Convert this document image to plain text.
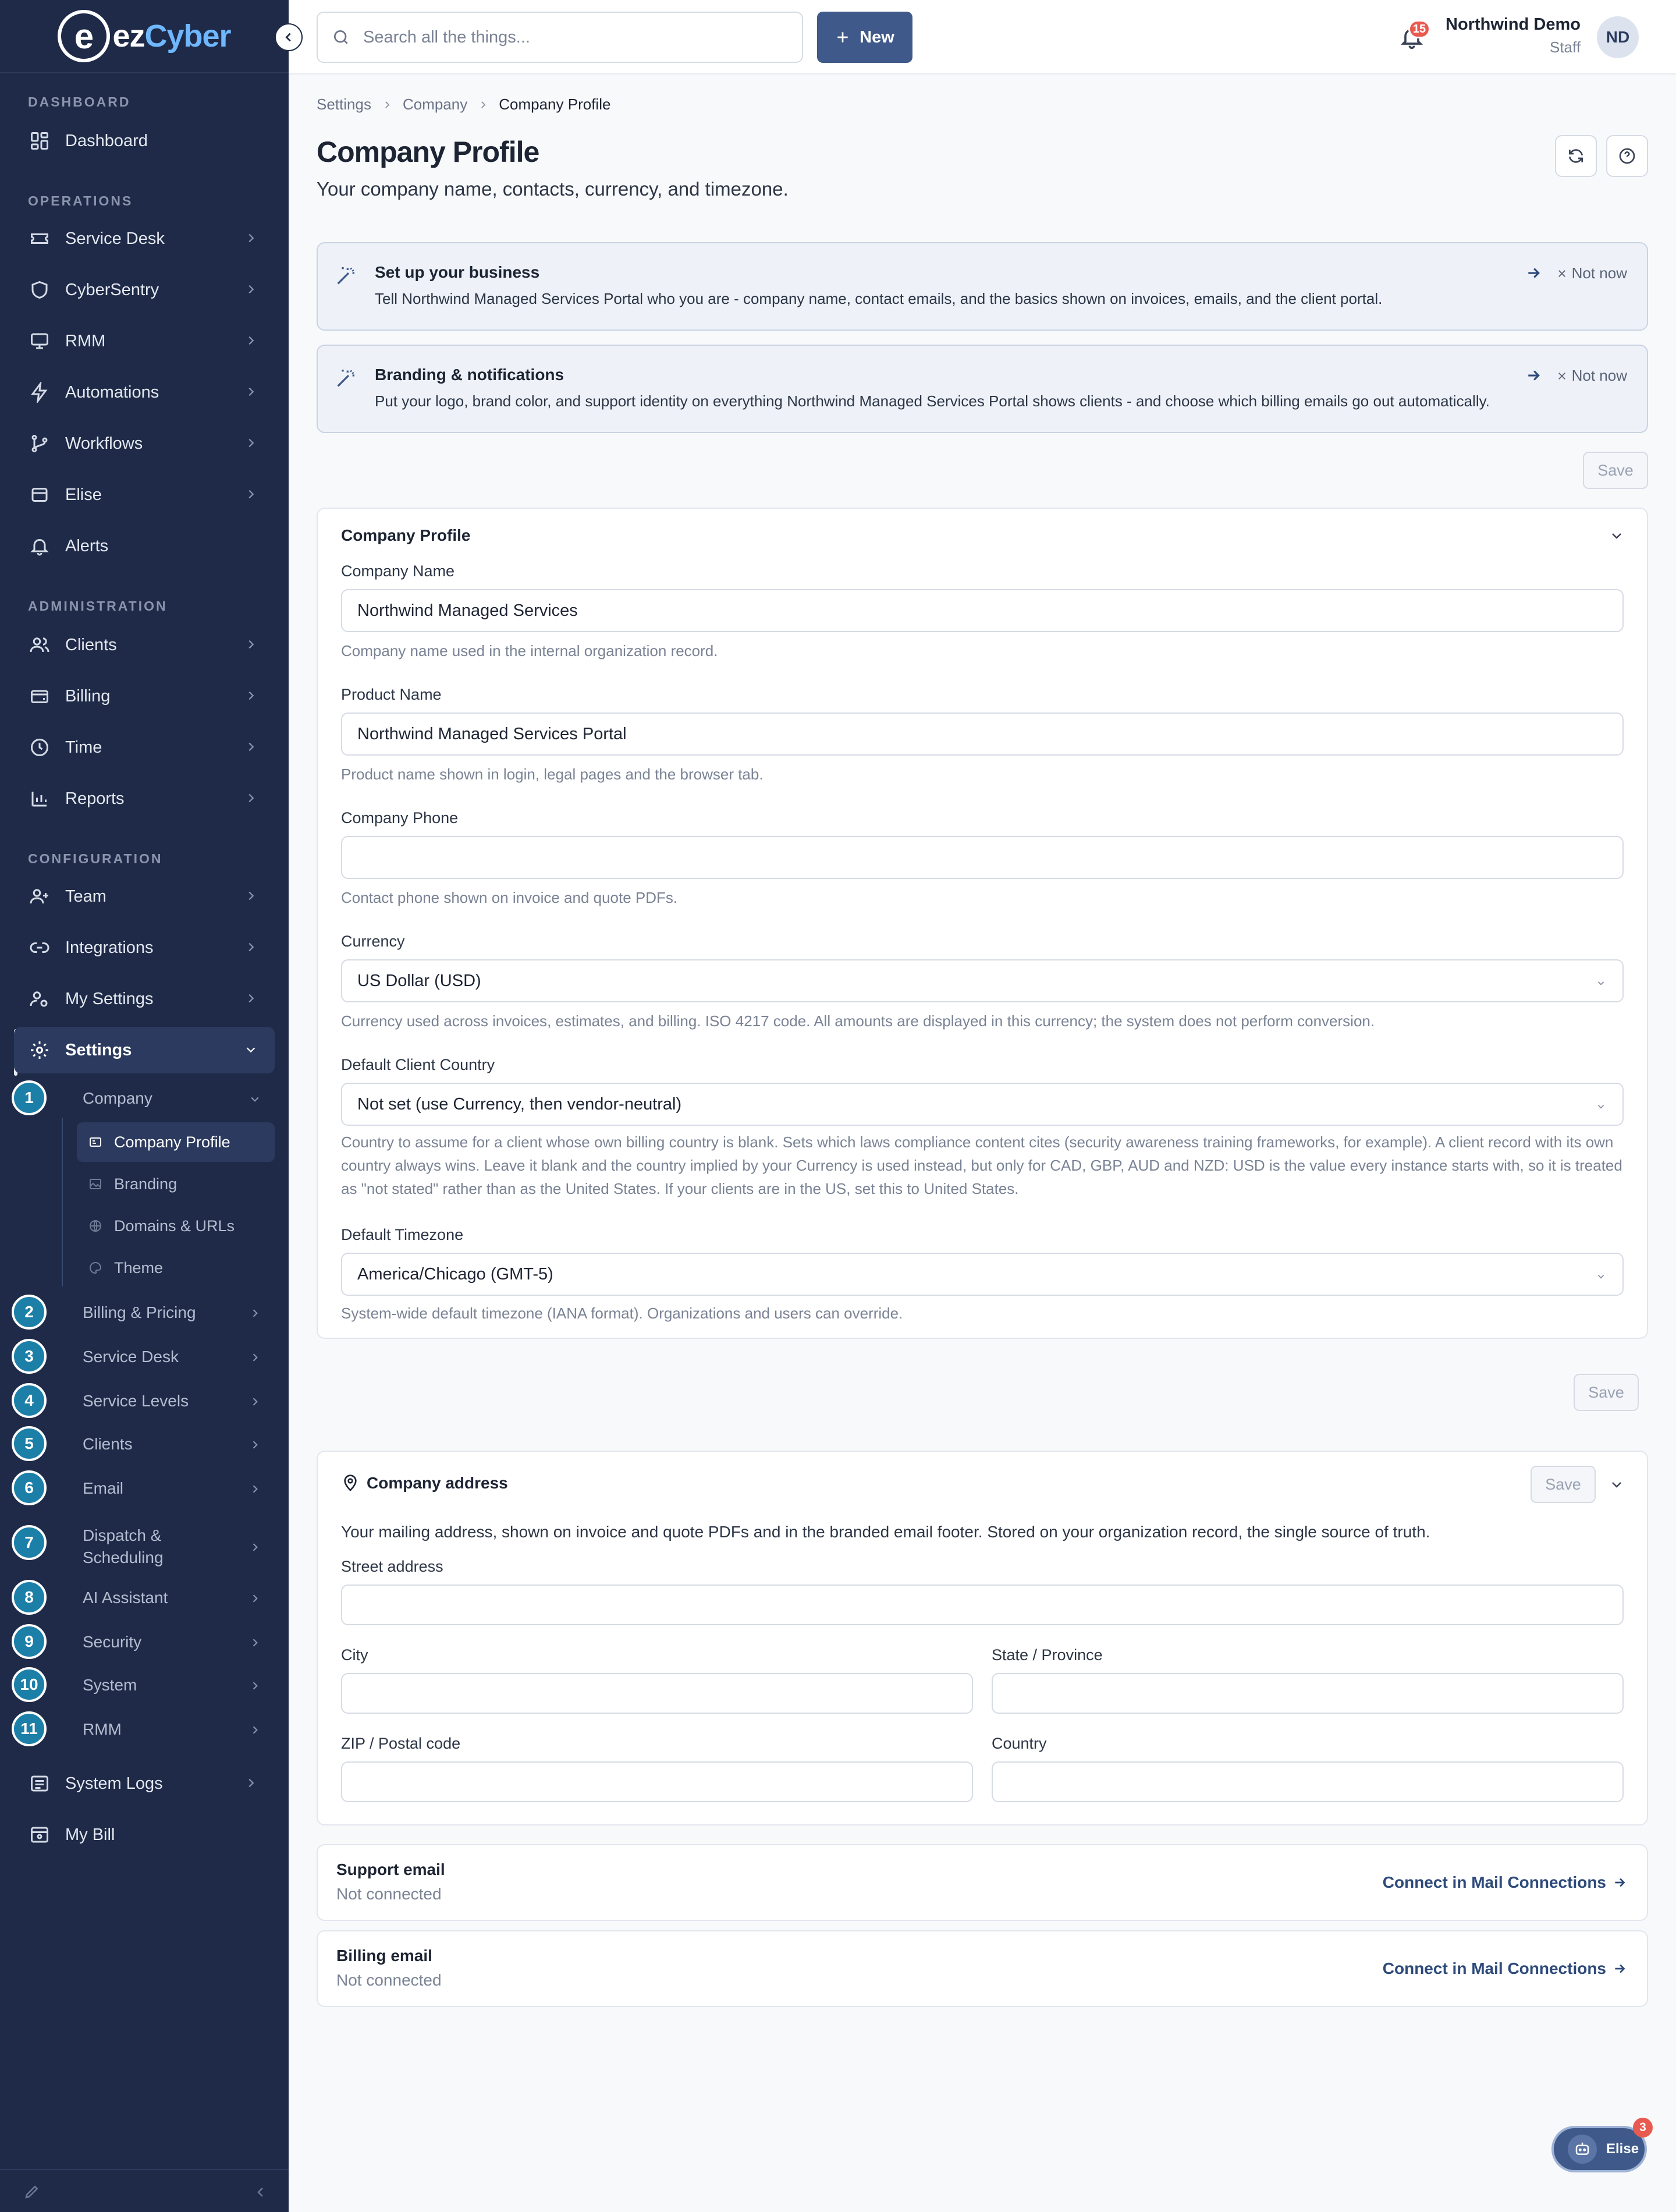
e ezCyber
DASHBOARD
Dashboard
OPERATIONS
Service Desk
CyberSentry
RMM
Automations
Workflows
Elise
Alerts
ADMINISTRATION
Clients
Billing
Time
Reports
CONFIGURATION
Team
Integrations
My Settings
Settings
1	Company
Company Profile
Branding
Domains & URLs
Theme
2	Billing & Pricing
3	Service Desk
4	Service Levels
5	Clients
6	Email
7	Dispatch & Scheduling
8	AI Assistant
9	Security
10	System
11	RMM
System Logs
My Bill
Search all the things...	New	15 Northwind Demo
Staff
ND
Settings Company Company Profile
Company Profile
Your company name, contacts, currency, and timezone.
Set up your business
Tell Northwind Managed Services Portal who you are - company name, contact emails, and the basics shown on invoices, emails, and the client portal.
Not now
Branding & notifications
Put your logo, brand color, and support identity on everything Northwind Managed Services Portal shows clients - and choose which billing emails go out automatically.
Not now
Save
Company Profile
Company Name
Northwind Managed Services
Company name used in the internal organization record.
Product Name
Northwind Managed Services Portal
Product name shown in login, legal pages and the browser tab.
Company Phone
Contact phone shown on invoice and quote PDFs.
Currency
US Dollar (USD)
Currency used across invoices, estimates, and billing. ISO 4217 code. All amounts are displayed in this currency; the system does not perform conversion.
Default Client Country
Not set (use Currency, then vendor-neutral)
Country to assume for a client whose own billing country is blank. Sets which laws compliance content cites (security awareness training frameworks, for example). A client record with its own country always wins. Leave it blank and the country implied by your Currency is used instead, but only for CAD, GBP, AUD and NZD: USD is the value every instance starts with, so it is treated as "not stated" rather than as the United States. If your clients are in the US, set this to United States.
Default Timezone
America/Chicago (GMT-5)
System-wide default timezone (IANA format). Organizations and users can override.
Save
Company address	Save
Your mailing address, shown on invoice and quote PDFs and in the branded email footer. Stored on your organization record, the single source of truth.
Street address
City	State / Province
ZIP / Postal code	Country
Support email
Not connected
Connect in Mail Connections
Billing email
Not connected
Connect in Mail Connections
Elise
3
